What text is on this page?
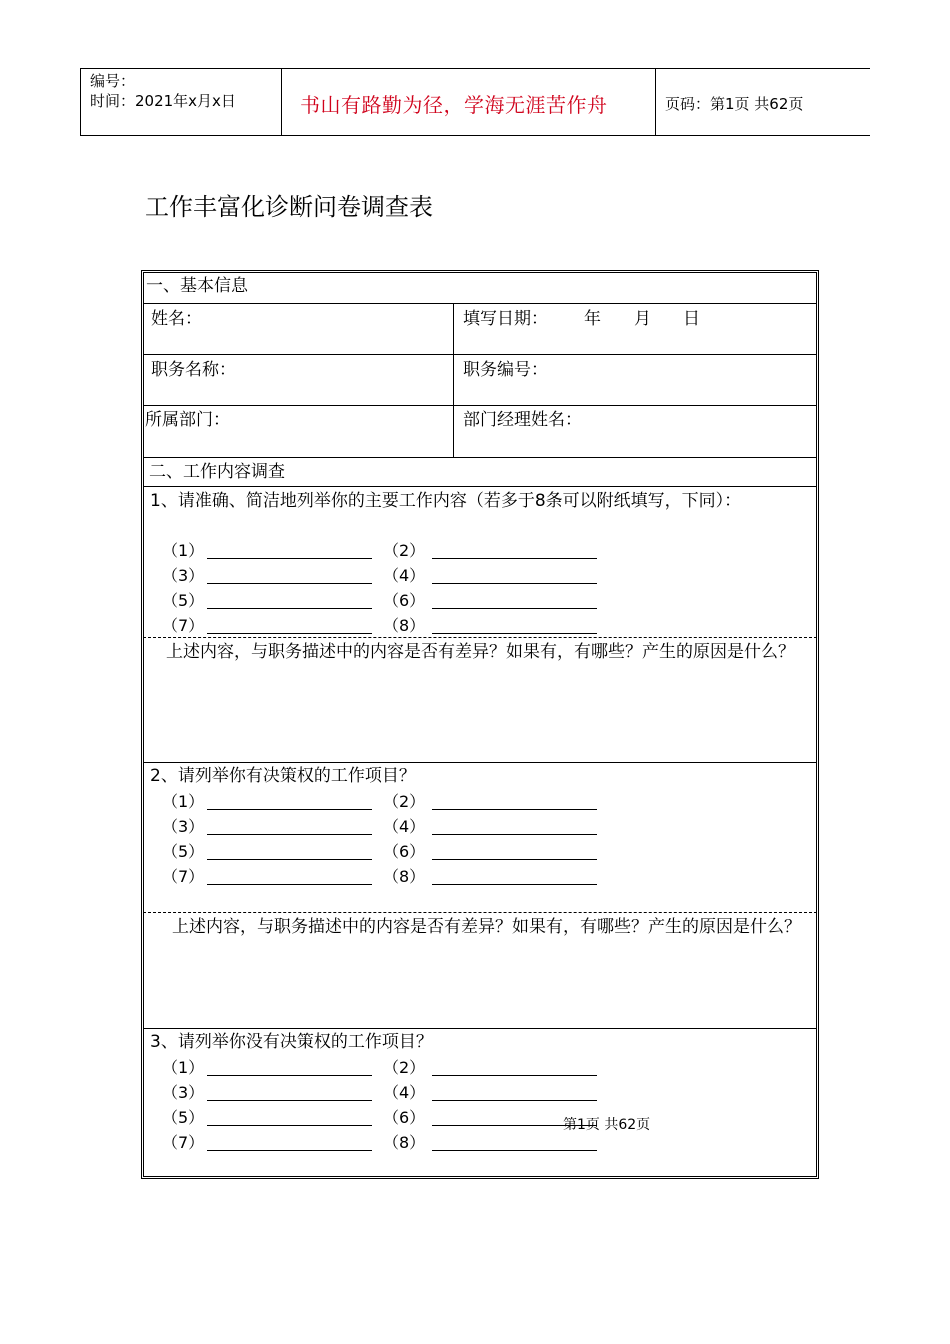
编号：
时间：2021年x月x日	书山有路勤为径，学海无涯苦作舟	页码：第1页 共62页
工作丰富化诊断问卷调查表
一、基本信息
姓名：	填写日期： 年 月 日
职务名称：	职务编号：
所属部门：	部门经理姓名：
二、工作内容调查
1、请准确、简洁地列举你的主要工作内容（若多于8条可以附纸填写，下同）：
（1）	（2）
（3）	（4）
（5）	（6）
（7）	（8）
上述内容，与职务描述中的内容是否有差异？如果有，有哪些？产生的原因是什么？
2、请列举你有决策权的工作项目？
（1）	（2）
（3）	（4）
（5）	（6）
（7）	（8）
上述内容，与职务描述中的内容是否有差异？如果有，有哪些？产生的原因是什么？
3、请列举你没有决策权的工作项目？
（1）	（2）
（3）	（4）
（5）	（6）
（7）	（8）
第1页 共62页
